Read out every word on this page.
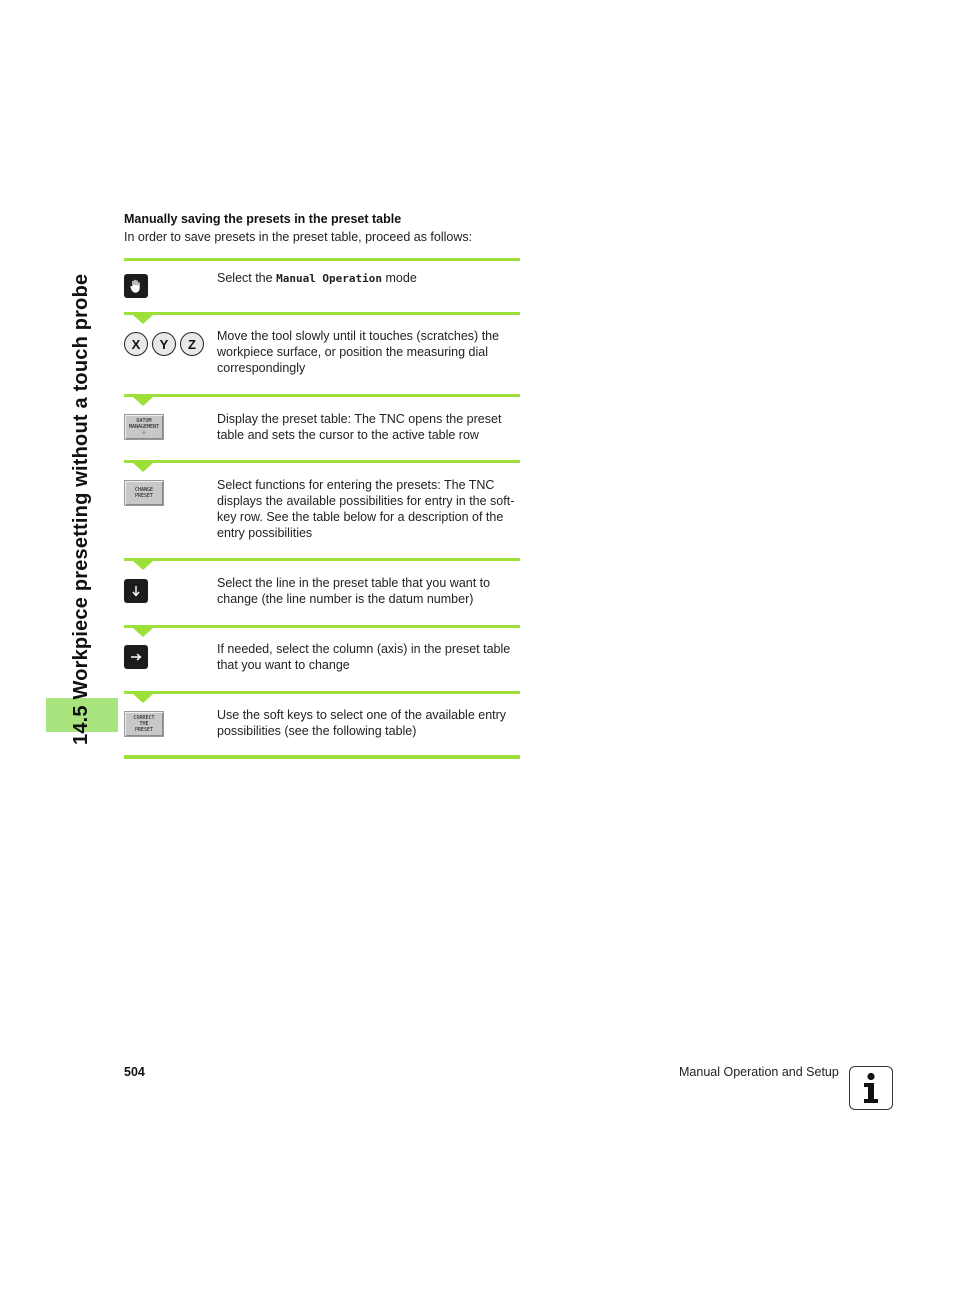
14.5 Workpiece presetting without a touch probe
Manually saving the presets in the preset table
In order to save presets in the preset table, proceed as follows:
Select the Manual Operation mode
X	Y	Z
Move the tool slowly until it touches (scratches) the workpiece surface, or position the measuring dial correspondingly
DATUM
MANAGEMENT
⊹
Display the preset table: The TNC opens the preset table and sets the cursor to the active table row
CHANGE
PRESET
Select functions for entering the presets: The TNC displays the available possibilities for entry in the soft-key row. See the table below for a description of the entry possibilities
Select the line in the preset table that you want to change (the line number is the datum number)
If needed, select the column (axis) in the preset table that you want to change
CORRECT
THE
PRESET
Use the soft keys to select one of the available entry possibilities (see the following table)
504	Manual Operation and Setup
